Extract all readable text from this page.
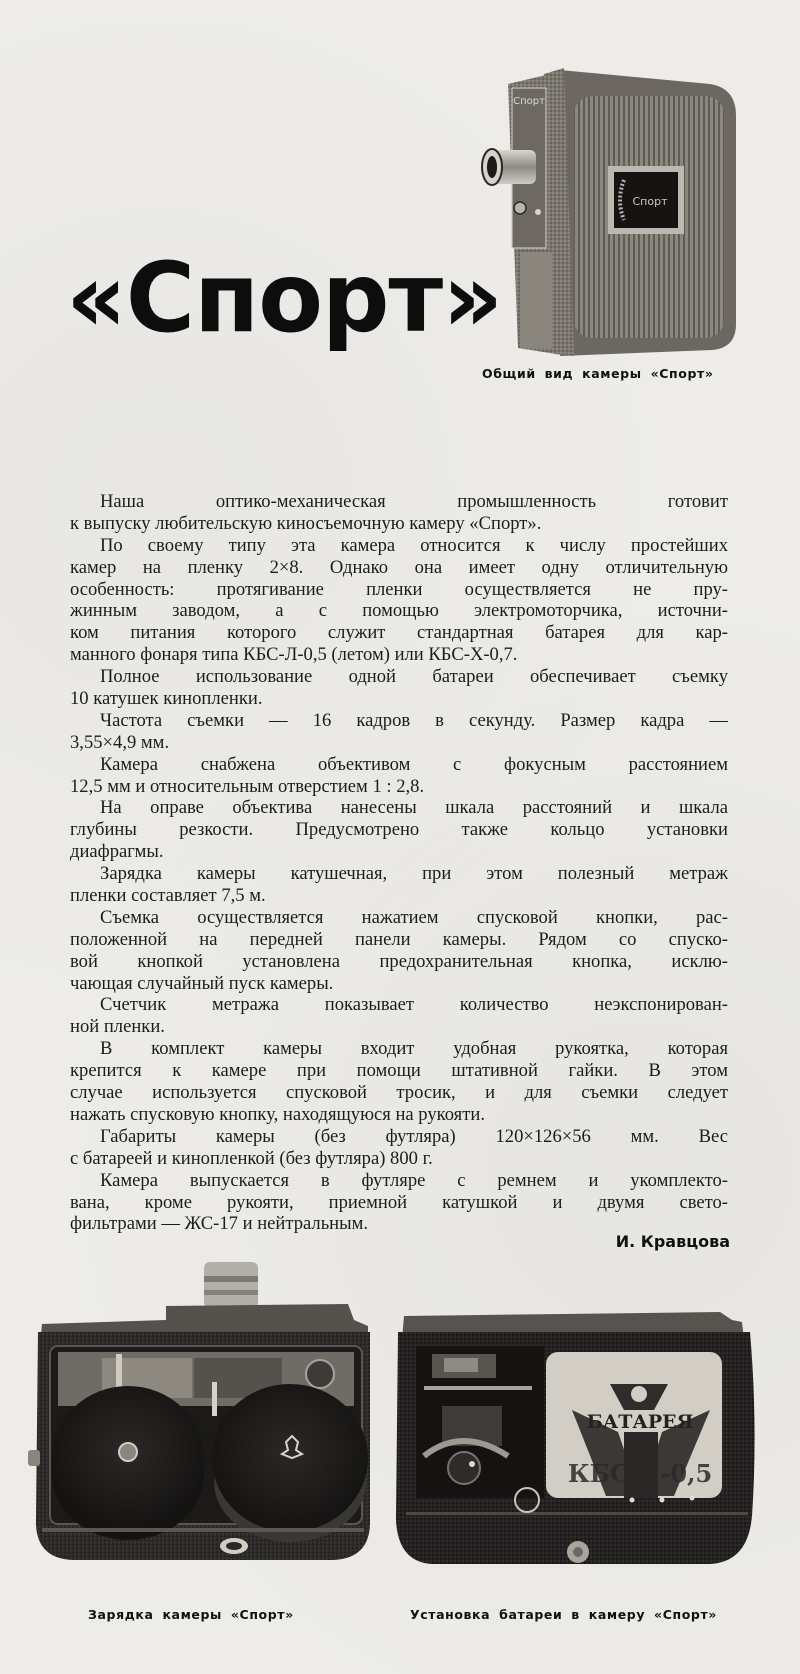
«Спорт»
Спорт
Спорт
Общий вид камеры «Спорт»
Наша оптико-механическая промышленность готовит
к выпуску любительскую киносъемочную камеру «Спорт».
По своему типу эта камера относится к числу простейших
камер на пленку 2×8. Однако она имеет одну отличительную
особенность: протягивание пленки осуществляется не пру-
жинным заводом, а с помощью электромоторчика, источни-
ком питания которого служит стандартная батарея для кар-
манного фонаря типа КБС-Л-0,5 (летом) или КБС-Х-0,7.
Полное использование одной батареи обеспечивает съемку
10 катушек кинопленки.
Частота съемки — 16 кадров в секунду. Размер кадра —
3,55×4,9 мм.
Камера снабжена объективом с фокусным расстоянием
12,5 мм и относительным отверстием 1 : 2,8.
На оправе объектива нанесены шкала расстояний и шкала
глубины резкости. Предусмотрено также кольцо установки
диафрагмы.
Зарядка камеры катушечная, при этом полезный метраж
пленки составляет 7,5 м.
Съемка осуществляется нажатием спусковой кнопки, рас-
положенной на передней панели камеры. Рядом со спуско-
вой кнопкой установлена предохранительная кнопка, исклю-
чающая случайный пуск камеры.
Счетчик метража показывает количество неэкспонирован-
ной пленки.
В комплект камеры входит удобная рукоятка, которая
крепится к камере при помощи штативной гайки. В этом
случае используется спусковой тросик, и для съемки следует
нажать спусковую кнопку, находящуюся на рукояти.
Габариты камеры (без футляра) 120×126×56 мм. Вес
с батареей и кинопленкой (без футляра) 800 г.
Камера выпускается в футляре с ремнем и укомплекто-
вана, кроме рукояти, приемной катушкой и двумя свето-
фильтрами — ЖС-17 и нейтральным.
И. Кравцова
БАТАРЕЯ
КБС-Л-0,5
Зарядка камеры «Спорт»	Установка батареи в камеру «Спорт»
